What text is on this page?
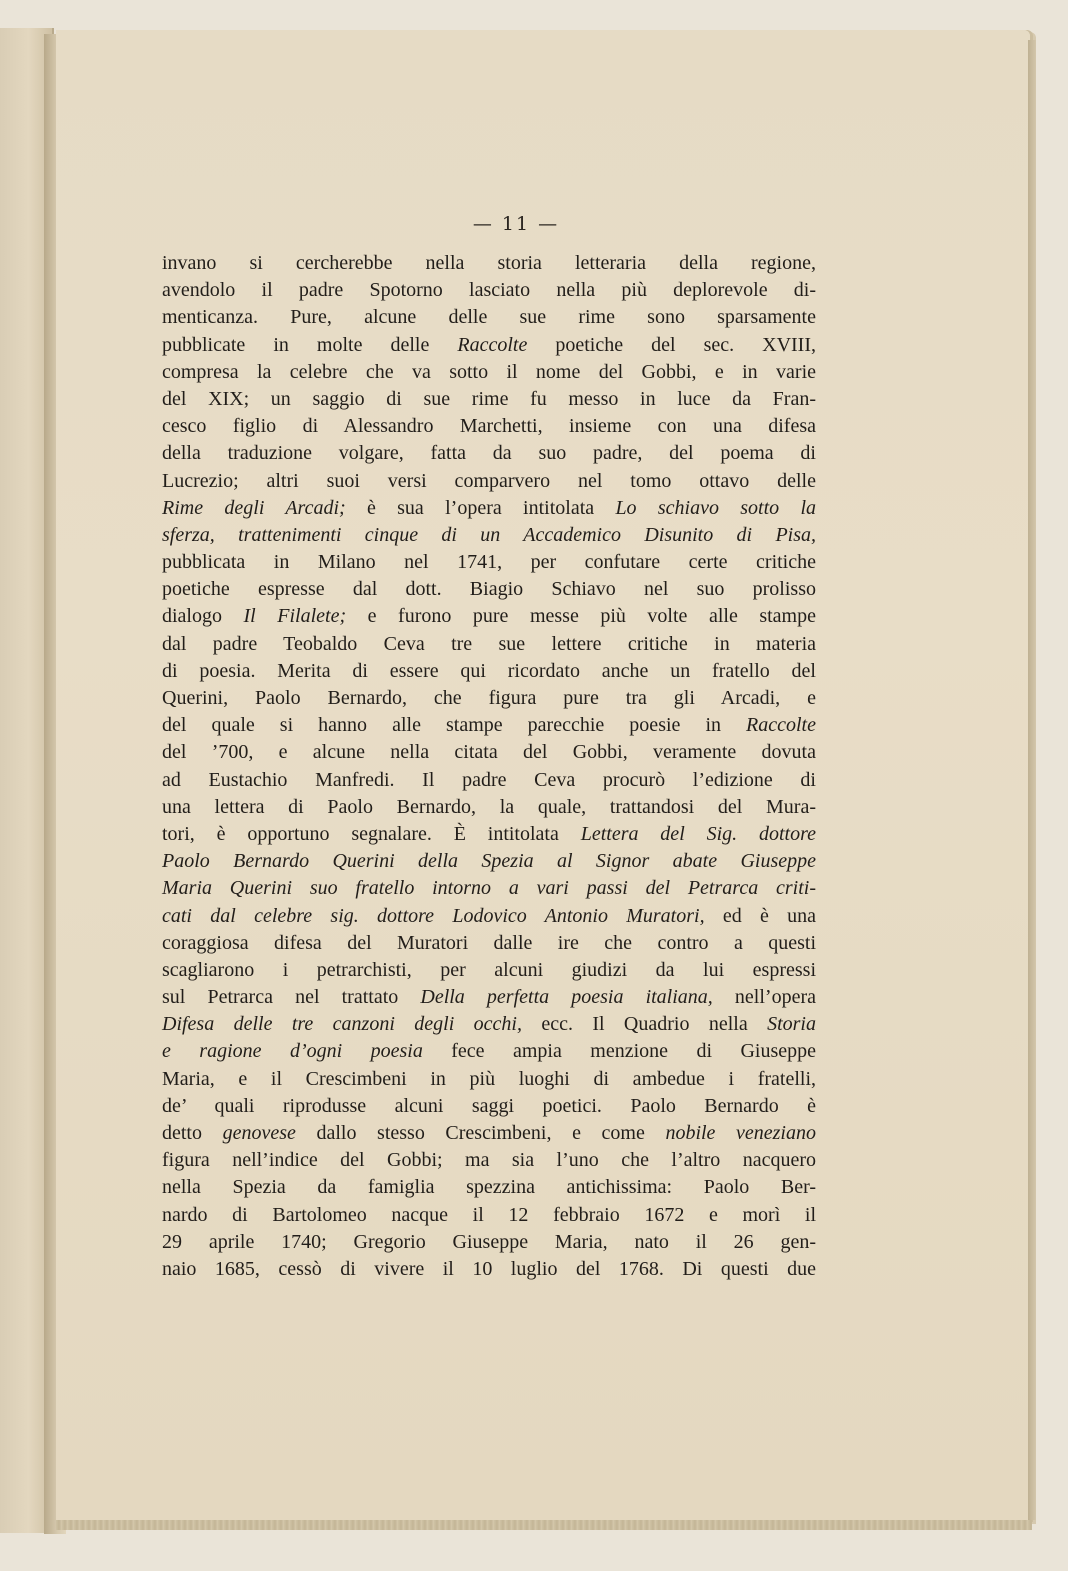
— 11 —
invano si cercherebbe nella storia letteraria della regione,
avendolo il padre Spotorno lasciato nella più deplorevole di-
menticanza. Pure, alcune delle sue rime sono sparsamente
pubblicate in molte delle Raccolte poetiche del sec. XVIII,
compresa la celebre che va sotto il nome del Gobbi, e in varie
del XIX; un saggio di sue rime fu messo in luce da Fran-
cesco figlio di Alessandro Marchetti, insieme con una difesa
della traduzione volgare, fatta da suo padre, del poema di
Lucrezio; altri suoi versi comparvero nel tomo ottavo delle
Rime degli Arcadi; è sua l’opera intitolata Lo schiavo sotto la
sferza, trattenimenti cinque di un Accademico Disunito di Pisa,
pubblicata in Milano nel 1741, per confutare certe critiche
poetiche espresse dal dott. Biagio Schiavo nel suo prolisso
dialogo Il Filalete; e furono pure messe più volte alle stampe
dal padre Teobaldo Ceva tre sue lettere critiche in materia
di poesia. Merita di essere qui ricordato anche un fratello del
Querini, Paolo Bernardo, che figura pure tra gli Arcadi, e
del quale si hanno alle stampe parecchie poesie in Raccolte
del ’700, e alcune nella citata del Gobbi, veramente dovuta
ad Eustachio Manfredi. Il padre Ceva procurò l’edizione di
una lettera di Paolo Bernardo, la quale, trattandosi del Mura-
tori, è opportuno segnalare. È intitolata Lettera del Sig. dottore
Paolo Bernardo Querini della Spezia al Signor abate Giuseppe
Maria Querini suo fratello intorno a vari passi del Petrarca criti-
cati dal celebre sig. dottore Lodovico Antonio Muratori, ed è una
coraggiosa difesa del Muratori dalle ire che contro a questi
scagliarono i petrarchisti, per alcuni giudizi da lui espressi
sul Petrarca nel trattato Della perfetta poesia italiana, nell’opera
Difesa delle tre canzoni degli occhi, ecc. Il Quadrio nella Storia
e ragione d’ogni poesia fece ampia menzione di Giuseppe
Maria, e il Crescimbeni in più luoghi di ambedue i fratelli,
de’ quali riprodusse alcuni saggi poetici. Paolo Bernardo è
detto genovese dallo stesso Crescimbeni, e come nobile veneziano
figura nell’indice del Gobbi; ma sia l’uno che l’altro nacquero
nella Spezia da famiglia spezzina antichissima: Paolo Ber-
nardo di Bartolomeo nacque il 12 febbraio 1672 e morì il
29 aprile 1740; Gregorio Giuseppe Maria, nato il 26 gen-
naio 1685, cessò di vivere il 10 luglio del 1768. Di questi due
